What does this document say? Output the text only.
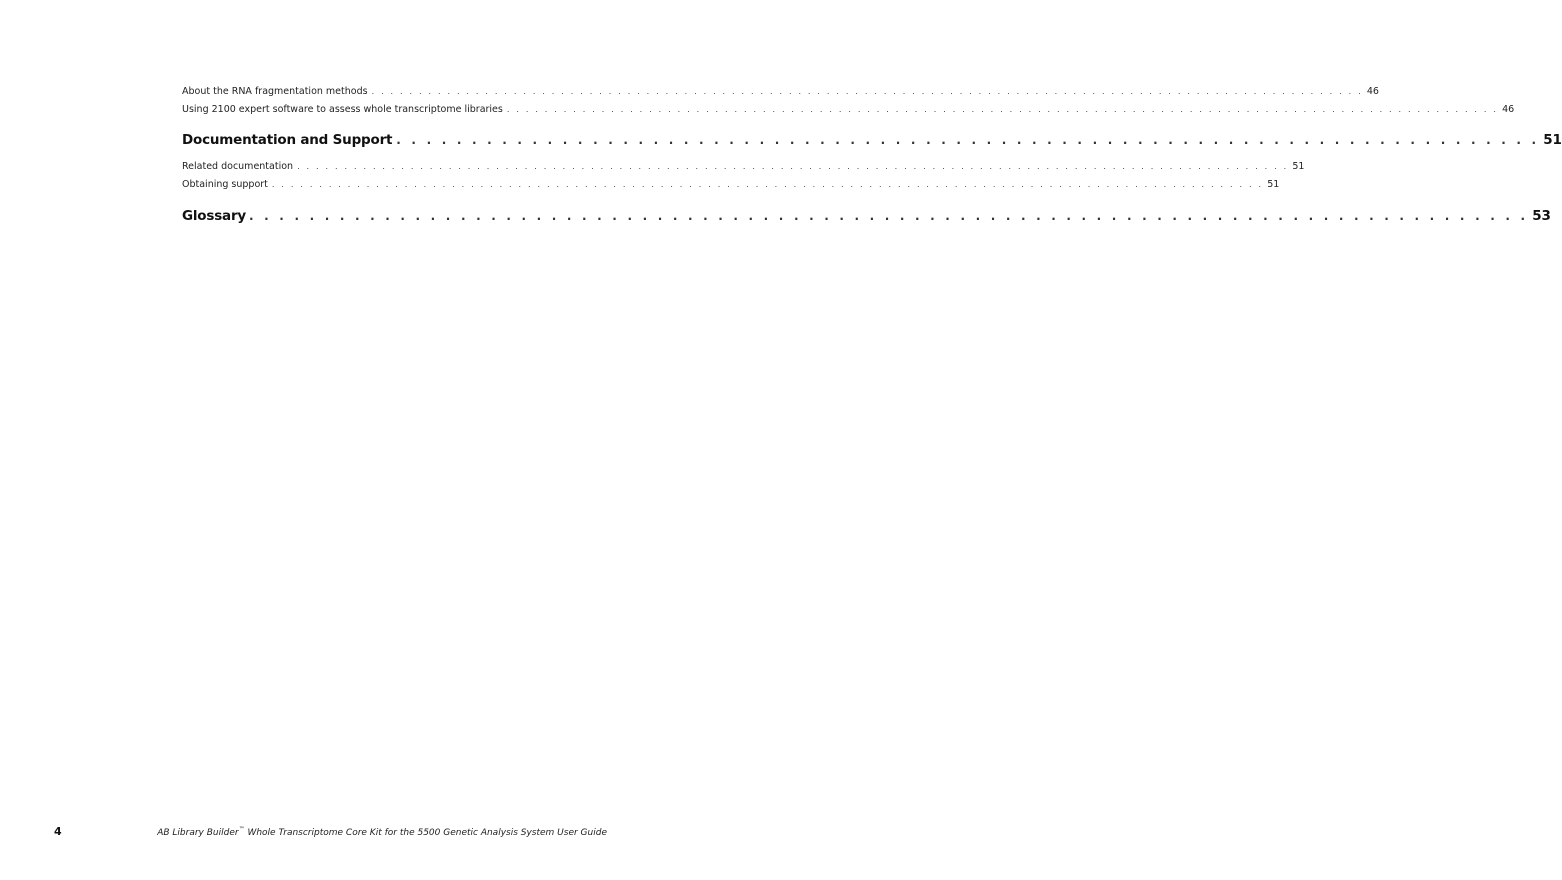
About the RNA fragmentation methods . . . . . . . . . . . . . . . . . . . . . . . . . . . . . . . . . . . . . . . . . . . . . . . . . . . . . . . . . . . . . . . . . . . . . . . . . . . . . . . . . . . . . . . . . . . . . . . . . . . . . . . . . 46
Using 2100 expert software to assess whole transcriptome libraries . . . . . . . . . . . . . . . . . . . . . . . . . . . . . . . . . . . . . . . . . . . . . . . . . . . . . . . . . . . . . . . . . . . . . . . . . . . . . . . . . . . . . . . . . . . . . . . . . . . . . . . . . 46
Documentation and Support . . . . . . . . . . . . . . . . . . . . . . . . . . . . . . . . . . . . . . . . . . . . . . . . . . . . . . . . . . . . . . . . . . . . . . . . . . . . 51
Related documentation . . . . . . . . . . . . . . . . . . . . . . . . . . . . . . . . . . . . . . . . . . . . . . . . . . . . . . . . . . . . . . . . . . . . . . . . . . . . . . . . . . . . . . . . . . . . . . . . . . . . . . . . . 51
Obtaining support . . . . . . . . . . . . . . . . . . . . . . . . . . . . . . . . . . . . . . . . . . . . . . . . . . . . . . . . . . . . . . . . . . . . . . . . . . . . . . . . . . . . . . . . . . . . . . . . . . . . . . . . . 51
Glossary . . . . . . . . . . . . . . . . . . . . . . . . . . . . . . . . . . . . . . . . . . . . . . . . . . . . . . . . . . . . . . . . . . . . . . . . . . . . . . . . . . . . . 53
4	AB Library Builder™ Whole Transcriptome Core Kit for the 5500 Genetic Analysis System User Guide
